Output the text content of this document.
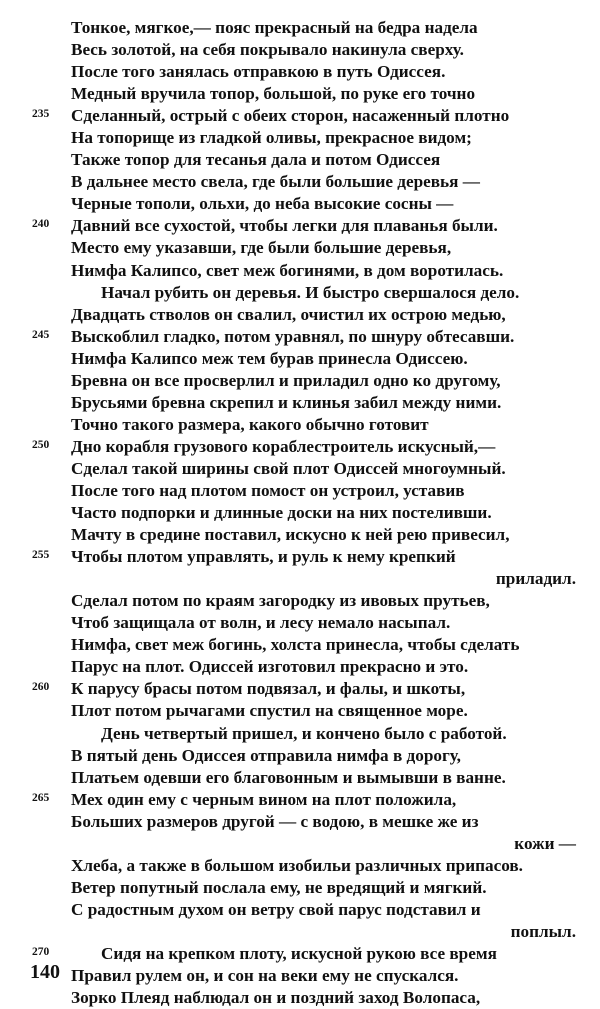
Тонкое, мягкое,— пояс прекрасный на бедра надела
Весь золотой, на себя покрывало накинула сверху.
После того занялась отправкою в путь Одиссея.
Медный вручила топор, большой, по руке его точно
235 Сделанный, острый с обеих сторон, насаженный плотно
На топорище из гладкой оливы, прекрасное видом;
Также топор для тесанья дала и потом Одиссея
В дальнее место свела, где были большие деревья —
Черные тополи, ольхи, до неба высокие сосны —
240 Давний все сухостой, чтобы легки для плаванья были.
Место ему указавши, где были большие деревья,
Нимфа Калипсо, свет меж богинями, в дом воротилась.
Начал рубить он деревья. И быстро свершалося дело.
Двадцать стволов он свалил, очистил их острою медью,
245 Выскоблил гладко, потом уравнял, по шнуру обтесавши.
Нимфа Калипсо меж тем бурав принесла Одиссею.
Бревна он все просверлил и приладил одно ко другому,
Брусьями бревна скрепил и клинья забил между ними.
Точно такого размера, какого обычно готовит
250 Дно корабля грузового кораблестроитель искусный,—
Сделал такой ширины свой плот Одиссей многоумный.
После того над плотом помост он устроил, уставив
Часто подпорки и длинные доски на них постеливши.
Мачту в средине поставил, искусно к ней рею привесил,
255 Чтобы плотом управлять, и руль к нему крепкий
приладил.
Сделал потом по краям загородку из ивовых прутьев,
Чтоб защищала от волн, и лесу немало насыпал.
Нимфа, свет меж богинь, холста принесла, чтобы сделать
Парус на плот. Одиссей изготовил прекрасно и это.
260 К парусу брасы потом подвязал, и фалы, и шкоты,
Плот потом рычагами спустил на священное море.
День четвертый пришел, и кончено было с работой.
В пятый день Одиссея отправила нимфа в дорогу,
Платьем одевши его благовонным и вымывши в ванне.
265 Мех один ему с черным вином на плот положила,
Больших размеров другой — с водою, в мешке же из
кожи —
Хлеба, а также в большом изобильи различных припасов.
Ветер попутный послала ему, не вредящий и мягкий.
С радостным духом он ветру свой парус подставил и
поплыл.
270	Сидя на крепком плоту, искусной рукою все время
Правил рулем он, и сон на веки ему не спускался.
Зорко Плеяд наблюдал он и поздний заход Волопаса,
140
